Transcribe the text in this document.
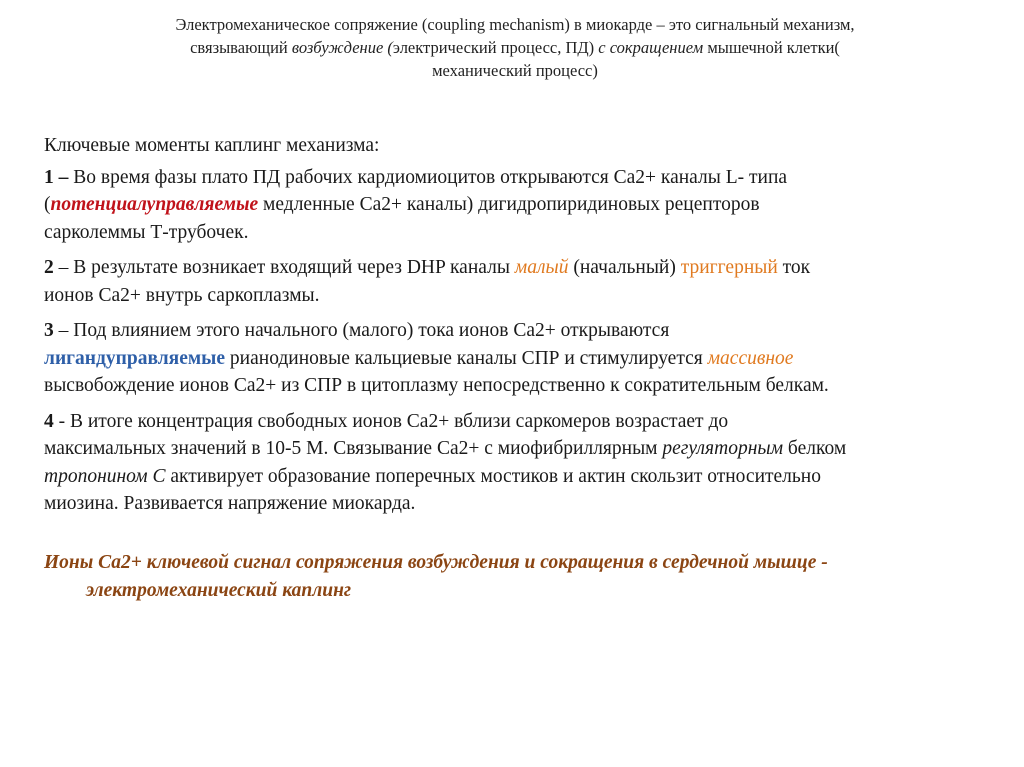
Электромеханическое сопряжение (coupling mechanism) в миокарде – это сигнальный механизм,
связывающий возбуждение (электрический процесс, ПД) с сокращением мышечной клетки(
механический процесс)

Ключевые моменты каплинг механизма:

1 – Во время фазы плато ПД рабочих кардиомиоцитов открываются Са2+ каналы L- типа
(потенциалуправляемые медленные Са2+ каналы) дигидропиридиновых рецепторов
сарколеммы Т-трубочек.

2 – В результате возникает входящий через DHP каналы малый (начальный) триггерный ток
ионов Са2+ внутрь саркоплазмы.

3 – Под влиянием этого начального (малого) тока ионов Са2+ открываются
лигандуправляемые рианодиновые кальциевые каналы СПР и стимулируется массивное
высвобождение ионов Са2+ из СПР в цитоплазму непосредственно к сократительным белкам.

4 - В итоге концентрация свободных ионов Са2+ вблизи саркомеров возрастает до
максимальных значений в 10-5 М. Связывание Са2+ с миофибриллярным регуляторным белком
тропонином С активирует образование поперечных мостиков и актин скользит относительно
миозина. Развивается напряжение миокарда.

Ионы Са2+ ключевой сигнал сопряжения возбуждения и сокращения в сердечной мышце -
электромеханический каплинг
